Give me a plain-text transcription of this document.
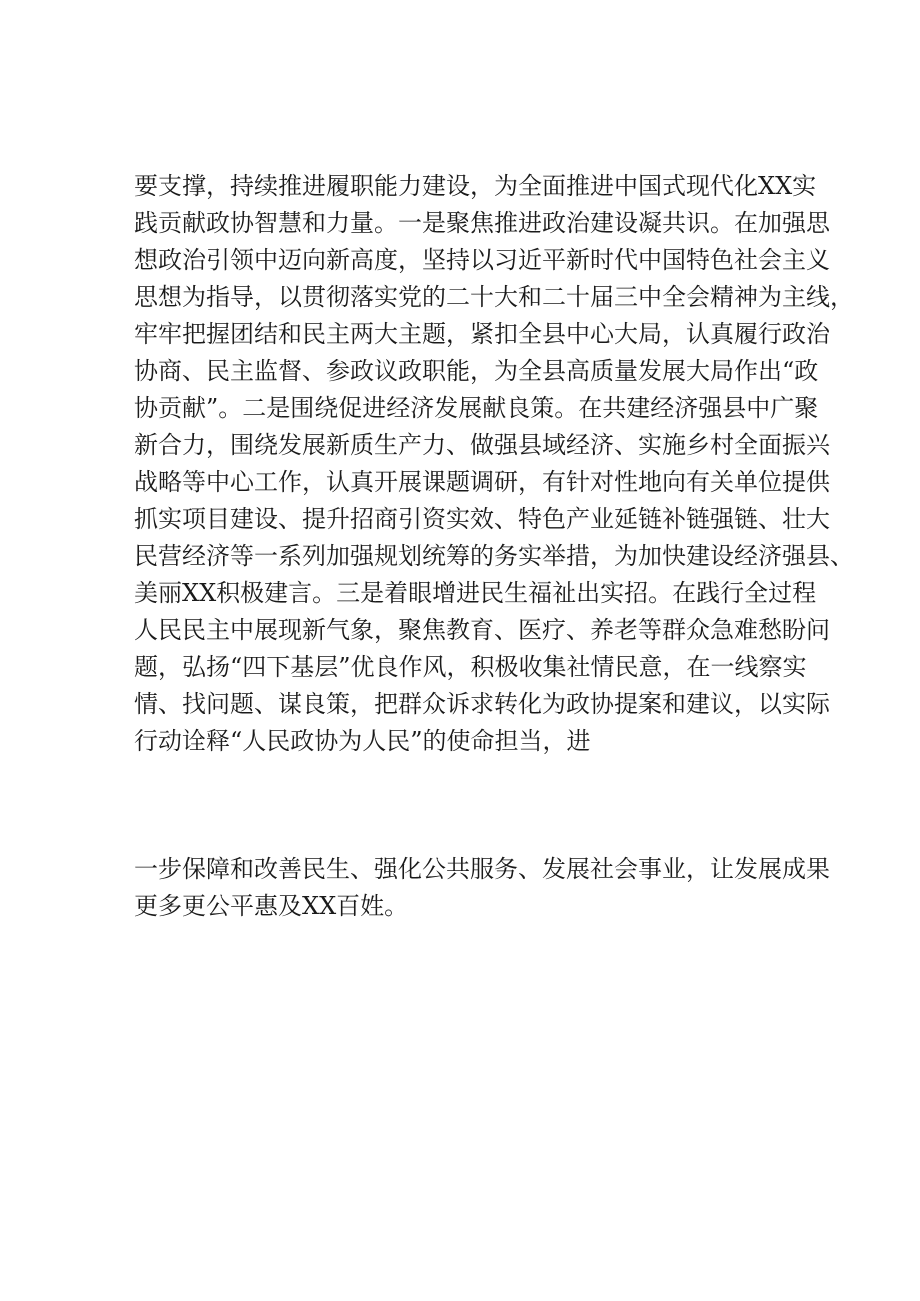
要支撑，持续推进履职能力建设，为全面推进中国式现代化XX实
践贡献政协智慧和力量。一是聚焦推进政治建设凝共识。在加强思
想政治引领中迈向新高度，坚持以习近平新时代中国特色社会主义
思想为指导，以贯彻落实党的二十大和二十届三中全会精神为主线，
牢牢把握团结和民主两大主题，紧扣全县中心大局，认真履行政治
协商、民主监督、参政议政职能，为全县高质量发展大局作出“政
协贡献”。二是围绕促进经济发展献良策。在共建经济强县中广聚
新合力，围绕发展新质生产力、做强县域经济、实施乡村全面振兴
战略等中心工作，认真开展课题调研，有针对性地向有关单位提供
抓实项目建设、提升招商引资实效、特色产业延链补链强链、壮大
民营经济等一系列加强规划统筹的务实举措，为加快建设经济强县、
美丽XX积极建言。三是着眼增进民生福祉出实招。在践行全过程
人民民主中展现新气象，聚焦教育、医疗、养老等群众急难愁盼问
题，弘扬“四下基层”优良作风，积极收集社情民意，在一线察实
情、找问题、谋良策，把群众诉求转化为政协提案和建议，以实际
行动诠释“人民政协为人民”的使命担当，进
一步保障和改善民生、强化公共服务、发展社会事业，让发展成果
更多更公平惠及XX百姓。
